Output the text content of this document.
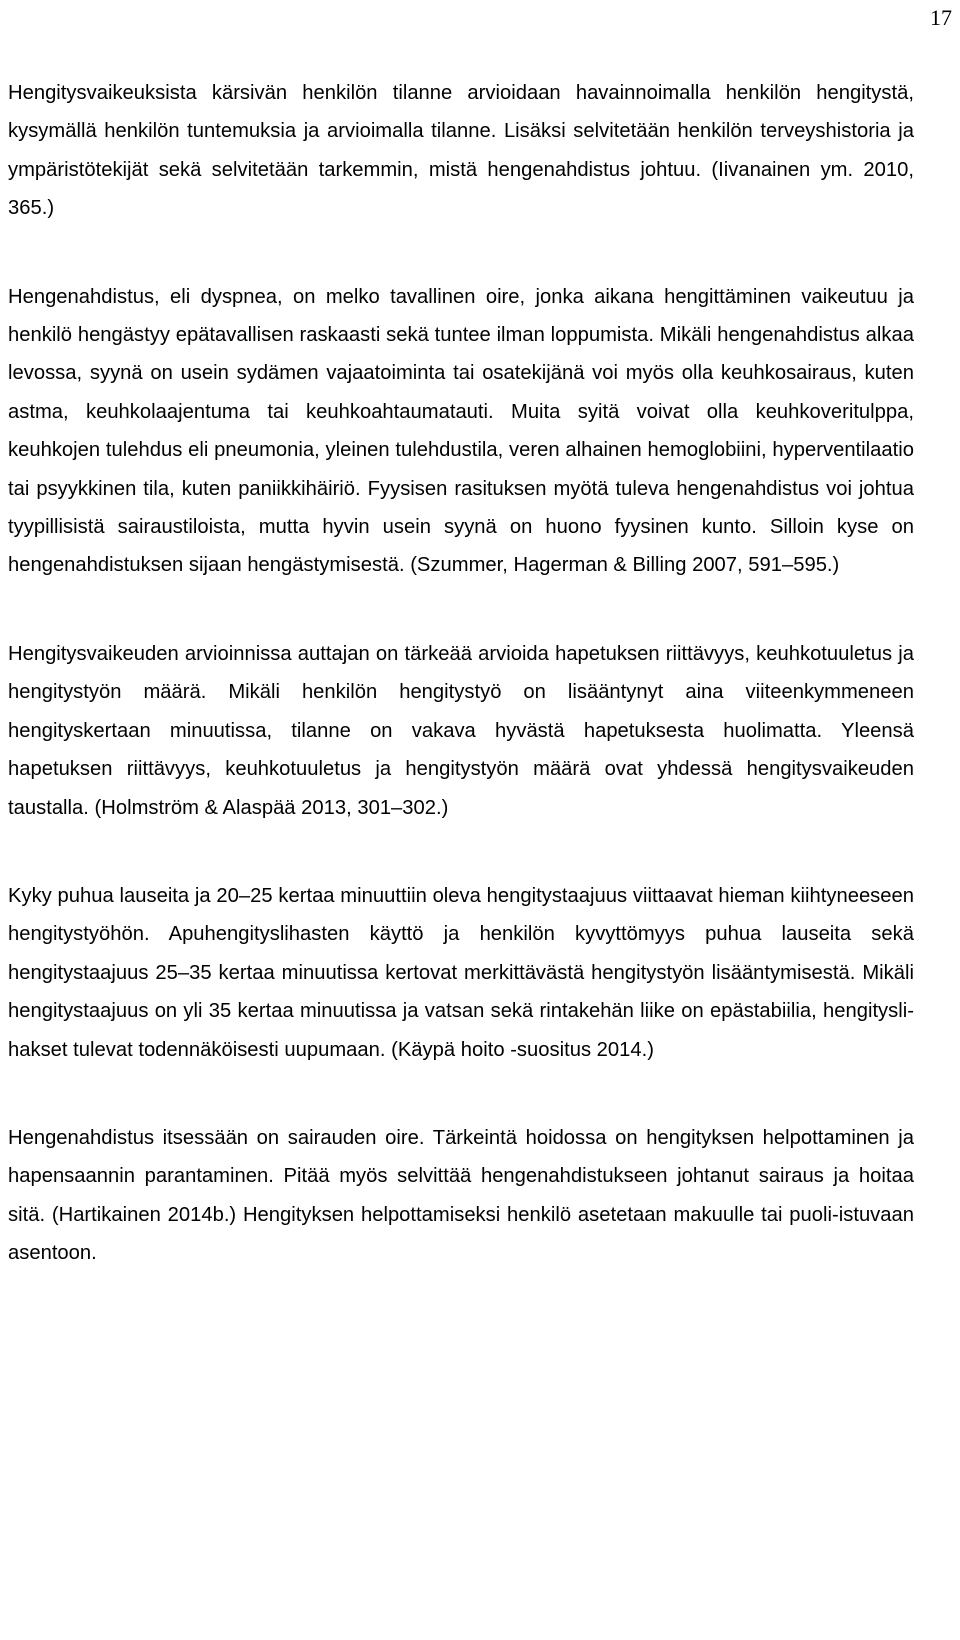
17

Hengitysvaikeuksista kärsivän henkilön tilanne arvioidaan havainnoimalla henkilön hengitystä, kysymällä henkilön tuntemuksia ja arvioimalla tilanne. Lisäksi selvitetään henkilön terveyshistoria ja ympäristötekijät sekä selvitetään tarkemmin, mistä hengenahdistus johtuu. (Iivanainen ym. 2010, 365.)

Hengenahdistus, eli dyspnea, on melko tavallinen oire, jonka aikana hengittäminen vaikeutuu ja henkilö hengästyy epätavallisen raskaasti sekä tuntee ilman loppumista. Mikäli hengenahdistus alkaa levossa, syynä on usein sydämen vajaatoiminta tai osatekijänä voi myös olla keuhkosairaus, kuten astma, keuhkolaajentuma tai keuhkoahtaumatauti. Muita syitä voivat olla keuhkoveritulppa, keuhkojen tulehdus eli pneumonia, yleinen tulehdustila, veren alhainen hemoglobiini, hyperventilaatio tai psyykkinen tila, kuten paniikkihäiriö. Fyysisen rasituksen myötä tuleva hengenahdistus voi johtua tyypillisistä sairaustiloista, mutta hyvin usein syynä on huono fyysinen kunto. Silloin kyse on hengenahdistuksen sijaan hengästymisestä. (Szummer, Hagerman & Billing 2007, 591–595.)

Hengitysvaikeuden arvioinnissa auttajan on tärkeää arvioida hapetuksen riittävyys, keuhkotuuletus ja hengitystyön määrä. Mikäli henkilön hengitystyö on lisääntynyt aina viiteenkymmeneen hengityskertaan minuutissa, tilanne on vakava hyvästä hapetuksesta huolimatta. Yleensä hapetuksen riittävyys, keuhkotuuletus ja hengitystyön määrä ovat yhdessä hengitysvaikeuden taustalla. (Holmström & Alaspää 2013, 301–302.)

Kyky puhua lauseita ja 20–25 kertaa minuuttiin oleva hengitystaajuus viittaavat hieman kiihtyneeseen hengitystyöhön. Apuhengityslihasten käyttö ja henkilön kyvyttömyys puhua lauseita sekä hengitystaajuus 25–35 kertaa minuutissa kertovat merkittävästä hengitystyön lisääntymisestä. Mikäli hengitystaajuus on yli 35 kertaa minuutissa ja vatsan sekä rintakehän liike on epästabiilia, hengityslihakset tulevat todennäköisesti uupumaan. (Käypä hoito -suositus 2014.)

Hengenahdistus itsessään on sairauden oire. Tärkeintä hoidossa on hengityksen helpottaminen ja hapensaannin parantaminen. Pitää myös selvittää hengenahdistukseen johtanut sairaus ja hoitaa sitä. (Hartikainen 2014b.) Hengityksen helpottamiseksi henkilö asetetaan makuulle tai puoli-istuvaan asentoon.
